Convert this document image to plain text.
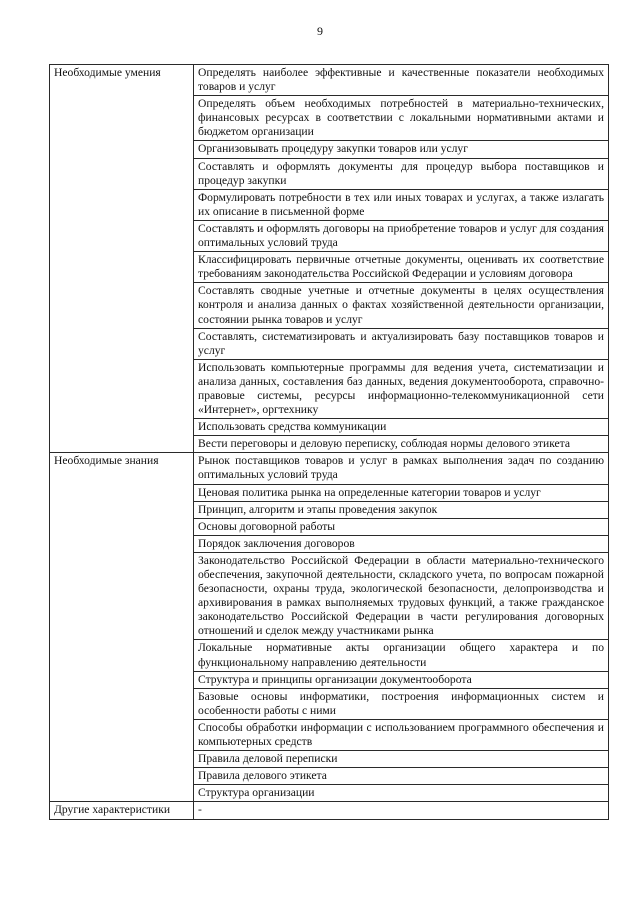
9
Необходимые умения	Определять наиболее эффективные и качественные показатели необходимых товаров и услуг
	Определять объем необходимых потребностей в материально-технических, финансовых ресурсах в соответствии с локальными нормативными актами и бюджетом организации
	Организовывать процедуру закупки товаров или услуг
	Составлять и оформлять документы для процедур выбора поставщиков и процедур закупки
	Формулировать потребности в тех или иных товарах и услугах, а также излагать их описание в письменной форме
	Составлять и оформлять договоры на приобретение товаров и услуг для создания оптимальных условий труда
	Классифицировать первичные отчетные документы, оценивать их соответствие требованиям законодательства Российской Федерации и условиям договора
	Составлять сводные учетные и отчетные документы в целях осуществления контроля и анализа данных о фактах хозяйственной деятельности организации, состоянии рынка товаров и услуг
	Составлять, систематизировать и актуализировать базу поставщиков товаров и услуг
	Использовать компьютерные программы для ведения учета, систематизации и анализа данных, составления баз данных, ведения документооборота, справочно-правовые системы, ресурсы информационно-телекоммуникационной сети «Интернет», оргтехнику
	Использовать средства коммуникации
	Вести переговоры и деловую переписку, соблюдая нормы делового этикета
Необходимые знания	Рынок поставщиков товаров и услуг в рамках выполнения задач по созданию оптимальных условий труда
	Ценовая политика рынка на определенные категории товаров и услуг
	Принцип, алгоритм и этапы проведения закупок
	Основы договорной работы
	Порядок заключения договоров
	Законодательство Российской Федерации в области материально-технического обеспечения, закупочной деятельности, складского учета, по вопросам пожарной безопасности, охраны труда, экологической безопасности, делопроизводства и архивирования в рамках выполняемых трудовых функций, а также гражданское законодательство Российской Федерации в части регулирования договорных отношений и сделок между участниками рынка
	Локальные нормативные акты организации общего характера и по функциональному направлению деятельности
	Структура и принципы организации документооборота
	Базовые основы информатики, построения информационных систем и особенности работы с ними
	Способы обработки информации с использованием программного обеспечения и компьютерных средств
	Правила деловой переписки
	Правила делового этикета
	Структура организации
Другие характеристики	-
